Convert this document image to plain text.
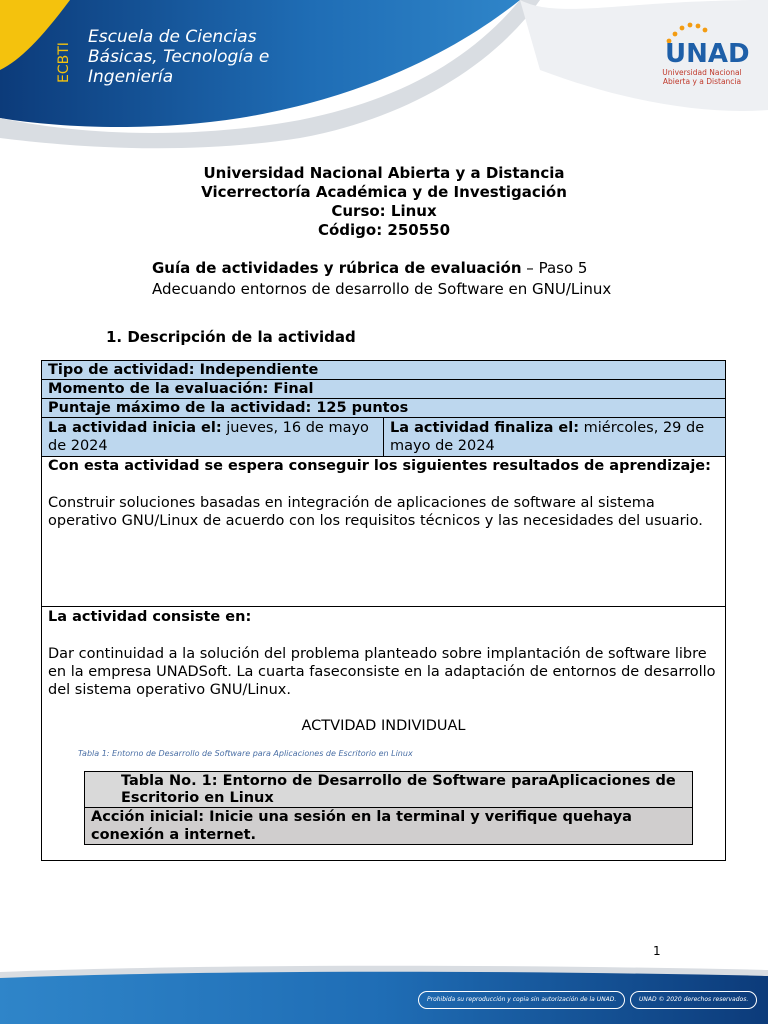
ECBTI
Escuela de Ciencias
Básicas, Tecnología e
Ingeniería
UNAD
Universidad Nacional
Abierta y a Distancia
Universidad Nacional Abierta y a Distancia
Vicerrectoría Académica y de Investigación
Curso: Linux
Código: 250550
Guía de actividades y rúbrica de evaluación – Paso 5
Adecuando entornos de desarrollo de Software en GNU/Linux
1. Descripción de la actividad
Tipo de actividad: Independiente
Momento de la evaluación: Final
Puntaje máximo de la actividad: 125 puntos
La actividad inicia el: jueves, 16 de mayo de 2024
La actividad finaliza el: miércoles, 29 de mayo de 2024
Con esta actividad se espera conseguir los siguientes resultados de aprendizaje:
Construir soluciones basadas en integración de aplicaciones de software al sistema operativo GNU/Linux de acuerdo con los requisitos técnicos y las necesidades del usuario.
La actividad consiste en:
Dar continuidad a la solución del problema planteado sobre implantación de software libre en la empresa UNADSoft. La cuarta faseconsiste en la adaptación de entornos de desarrollo del sistema operativo GNU/Linux.
ACTVIDAD INDIVIDUAL
Tabla 1: Entorno de Desarrollo de Software para Aplicaciones de Escritorio en Linux
Tabla No. 1: Entorno de Desarrollo de Software paraAplicaciones de Escritorio en Linux
Acción inicial: Inicie una sesión en la terminal y verifique quehaya conexión a internet.
1
Prohibida su reproducción y copia sin autorización de la UNAD.	UNAD © 2020 derechos reservados.
